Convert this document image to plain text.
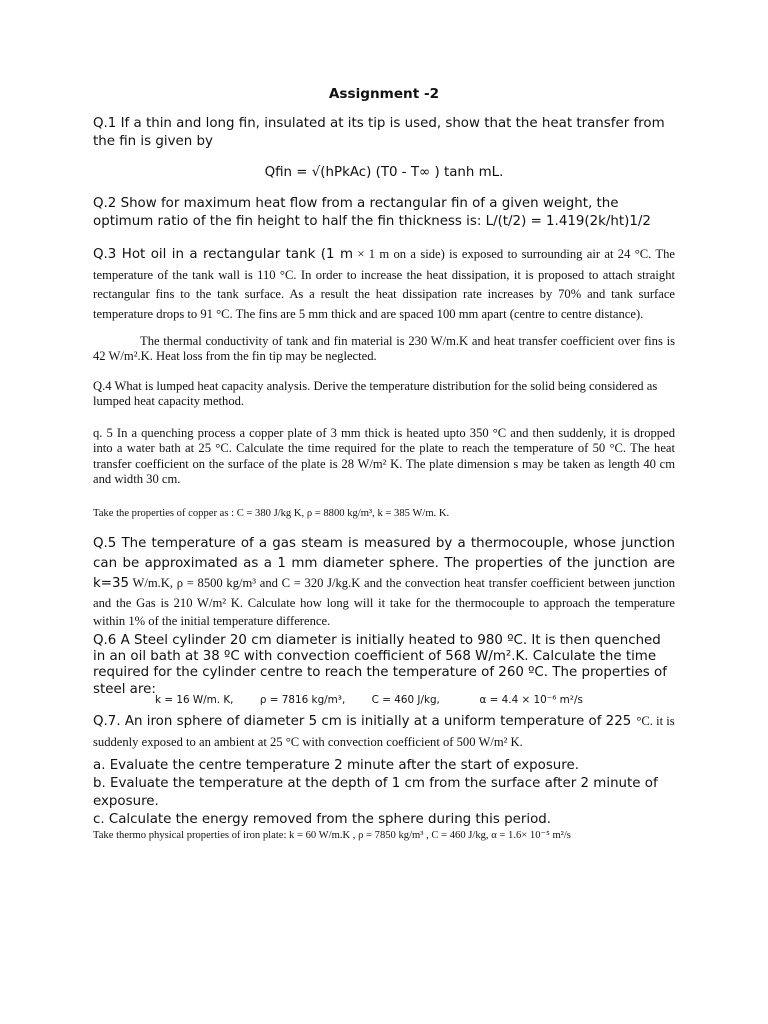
Assignment -2

Q.1 If a thin and long fin, insulated at its tip is used, show that the heat transfer from the fin is given by

Qfin = √(hPkAc) (T0 - T∞ ) tanh mL.

Q.2 Show for maximum heat flow from a rectangular fin of a given weight, the optimum ratio of the fin height to half the fin thickness is: L/(t/2) = 1.419(2k/ht)1/2

Q.3 Hot oil in a rectangular tank (1 m × 1 m on a side) is exposed to surrounding air at 24 °C. The temperature of the tank wall is 110 °C. In order to increase the heat dissipation, it is proposed to attach straight rectangular fins to the tank surface. As a result the heat dissipation rate increases by 70% and tank surface temperature drops to 91 °C. The fins are 5 mm thick and are spaced 100 mm apart (centre to centre distance).

The thermal conductivity of tank and fin material is 230 W/m.K and heat transfer coefficient over fins is 42 W/m².K. Heat loss from the fin tip may be neglected.

Q.4 What is lumped heat capacity analysis. Derive the temperature distribution for the solid being considered as lumped heat capacity method.

q. 5 In a quenching process a copper plate of 3 mm thick is heated upto 350 °C and then suddenly, it is dropped into a water bath at 25 °C. Calculate the time required for the plate to reach the temperature of 50 °C. The heat transfer coefficient on the surface of the plate is 28 W/m² K. The plate dimension s may be taken as length 40 cm and width 30 cm.

Take the properties of copper as : C = 380 J/kg K, ρ = 8800 kg/m³, k = 385 W/m. K.

Q.5 The temperature of a gas steam is measured by a thermocouple, whose junction can be approximated as a 1 mm diameter sphere. The properties of the junction are k=35 W/m.K, ρ = 8500 kg/m³ and C = 320 J/kg.K and the convection heat transfer coefficient between junction and the Gas is 210 W/m² K. Calculate how long will it take for the thermocouple to approach the temperature within 1% of the initial temperature difference.

Q.6 A Steel cylinder 20 cm diameter is initially heated to 980 ºC. It is then quenched in an oil bath at 38 ºC with convection coefficient of 568 W/m².K. Calculate the time required for the cylinder centre to reach the temperature of 260 ºC. The properties of steel are:

k = 16 W/m. K,        ρ = 7816 kg/m³,        C = 460 J/kg,            α = 4.4 × 10⁻⁶ m²/s

Q.7. An iron sphere of diameter 5 cm is initially at a uniform temperature of 225 °C. it is suddenly exposed to an ambient at 25 °C with convection coefficient of 500 W/m² K.

a. Evaluate the centre temperature 2 minute after the start of exposure.

b. Evaluate the temperature at the depth of 1 cm from the surface after 2 minute of exposure.

c. Calculate the energy removed from the sphere during this period.

Take thermo physical properties of iron plate: k = 60 W/m.K , ρ = 7850 kg/m³ , C = 460 J/kg, α = 1.6× 10⁻⁵ m²/s
